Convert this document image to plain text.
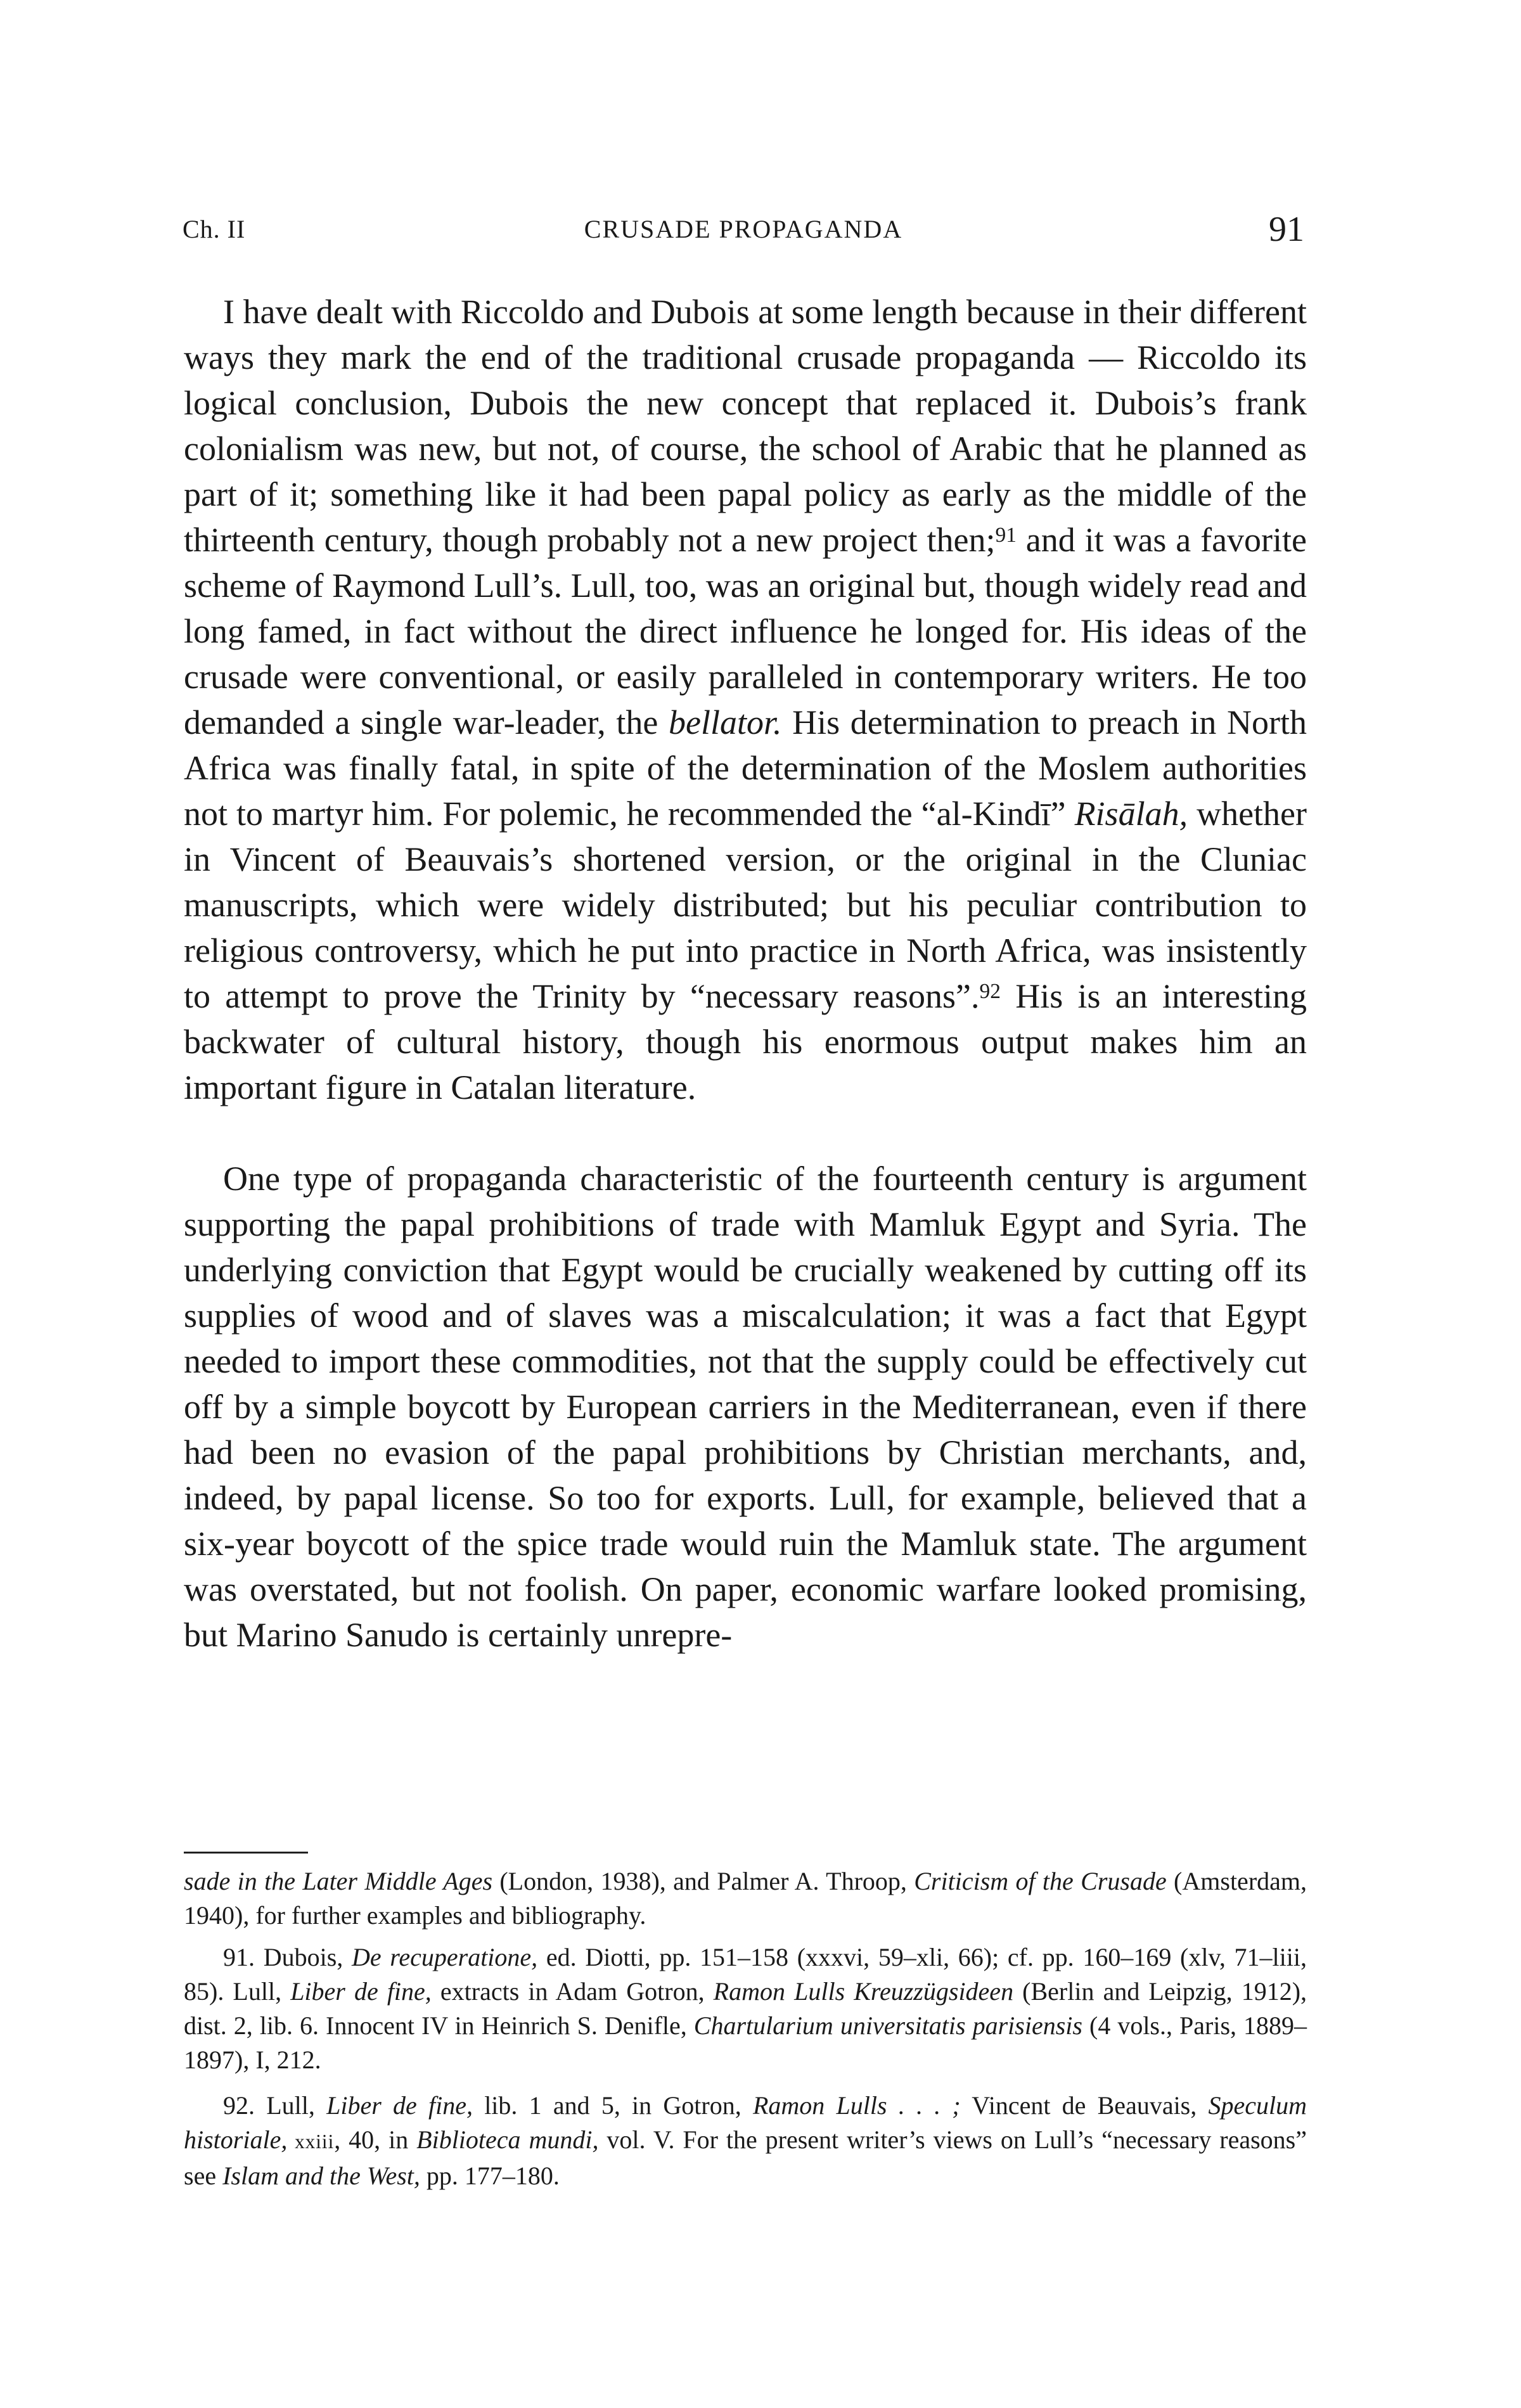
Ch. II	CRUSADE PROPAGANDA	91

I have dealt with Riccoldo and Dubois at some length because in their different ways they mark the end of the traditional crusade propaganda — Riccoldo its logical conclusion, Dubois the new concept that replaced it. Dubois’s frank colonialism was new, but not, of course, the school of Arabic that he planned as part of it; something like it had been papal policy as early as the middle of the thirteenth century, though probably not a new project then;$^{91}$ and it was a favorite scheme of Raymond Lull’s. Lull, too, was an original but, though widely read and long famed, in fact without the direct influence he longed for. His ideas of the crusade were conventional, or easily paralleled in contemporary writers. He too demanded a single war-leader, the bellator. His determination to preach in North Africa was finally fatal, in spite of the determination of the Moslem authorities not to martyr him. For polemic, he recommended the “al-Kindī” Risālah, whether in Vincent of Beauvais’s shortened version, or the original in the Cluniac manuscripts, which were widely distributed; but his peculiar contribution to religious controversy, which he put into practice in North Africa, was insistently to attempt to prove the Trinity by “necessary reasons”.$^{92}$ His is an interesting backwater of cultural history, though his enormous output makes him an important figure in Catalan literature.

One type of propaganda characteristic of the fourteenth century is argument supporting the papal prohibitions of trade with Mamluk Egypt and Syria. The underlying conviction that Egypt would be crucially weakened by cutting off its supplies of wood and of slaves was a miscalculation; it was a fact that Egypt needed to import these commodities, not that the supply could be effectively cut off by a simple boycott by European carriers in the Mediterranean, even if there had been no evasion of the papal prohibitions by Christian merchants, and, indeed, by papal license. So too for exports. Lull, for example, believed that a six-year boycott of the spice trade would ruin the Mamluk state. The argument was overstated, but not foolish. On paper, economic warfare looked promising, but Marino Sanudo is certainly unrepre-

sade in the Later Middle Ages (London, 1938), and Palmer A. Throop, Criticism of the Crusade (Amsterdam, 1940), for further examples and bibliography.

91. Dubois, De recuperatione, ed. Diotti, pp. 151–158 (xxxvi, 59–xli, 66); cf. pp. 160–169 (xlv, 71–liii, 85). Lull, Liber de fine, extracts in Adam Gotron, Ramon Lulls Kreuzzügsideen (Berlin and Leipzig, 1912), dist. 2, lib. 6. Innocent IV in Heinrich S. Denifle, Chartularium universitatis parisiensis (4 vols., Paris, 1889–1897), I, 212.

92. Lull, Liber de fine, lib. 1 and 5, in Gotron, Ramon Lulls . . . ; Vincent de Beauvais, Speculum historiale, xxiii, 40, in Biblioteca mundi, vol. V. For the present writer’s views on Lull’s “necessary reasons” see Islam and the West, pp. 177–180.
